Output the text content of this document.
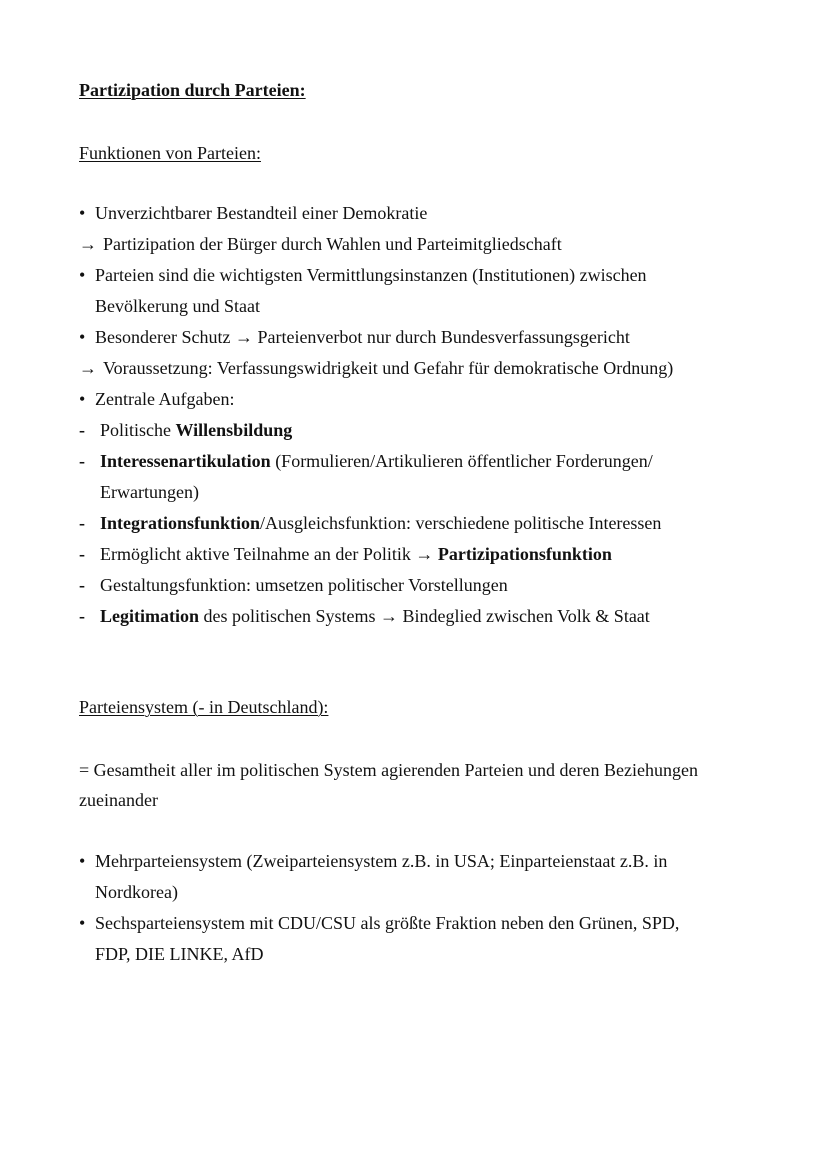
Partizipation durch Parteien:
Funktionen von Parteien:
• Unverzichtbarer Bestandteil einer Demokratie
→ Partizipation der Bürger durch Wahlen und Parteimitgliedschaft
• Parteien sind die wichtigsten Vermittlungsinstanzen (Institutionen) zwischen
Bevölkerung und Staat
• Besonderer Schutz → Parteienverbot nur durch Bundesverfassungsgericht
→ Voraussetzung: Verfassungswidrigkeit und Gefahr für demokratische Ordnung)
• Zentrale Aufgaben:
- Politische Willensbildung
- Interessenartikulation (Formulieren/Artikulieren öffentlicher Forderungen/
Erwartungen)
- Integrationsfunktion/Ausgleichsfunktion: verschiedene politische Interessen
- Ermöglicht aktive Teilnahme an der Politik → Partizipationsfunktion
- Gestaltungsfunktion: umsetzen politischer Vorstellungen
- Legitimation des politischen Systems → Bindeglied zwischen Volk & Staat
Parteiensystem (- in Deutschland):
= Gesamtheit aller im politischen System agierenden Parteien und deren Beziehungen
zueinander
• Mehrparteiensystem (Zweiparteiensystem z.B. in USA; Einparteienstaat z.B. in
Nordkorea)
• Sechsparteiensystem mit CDU/CSU als größte Fraktion neben den Grünen, SPD,
FDP, DIE LINKE, AfD
